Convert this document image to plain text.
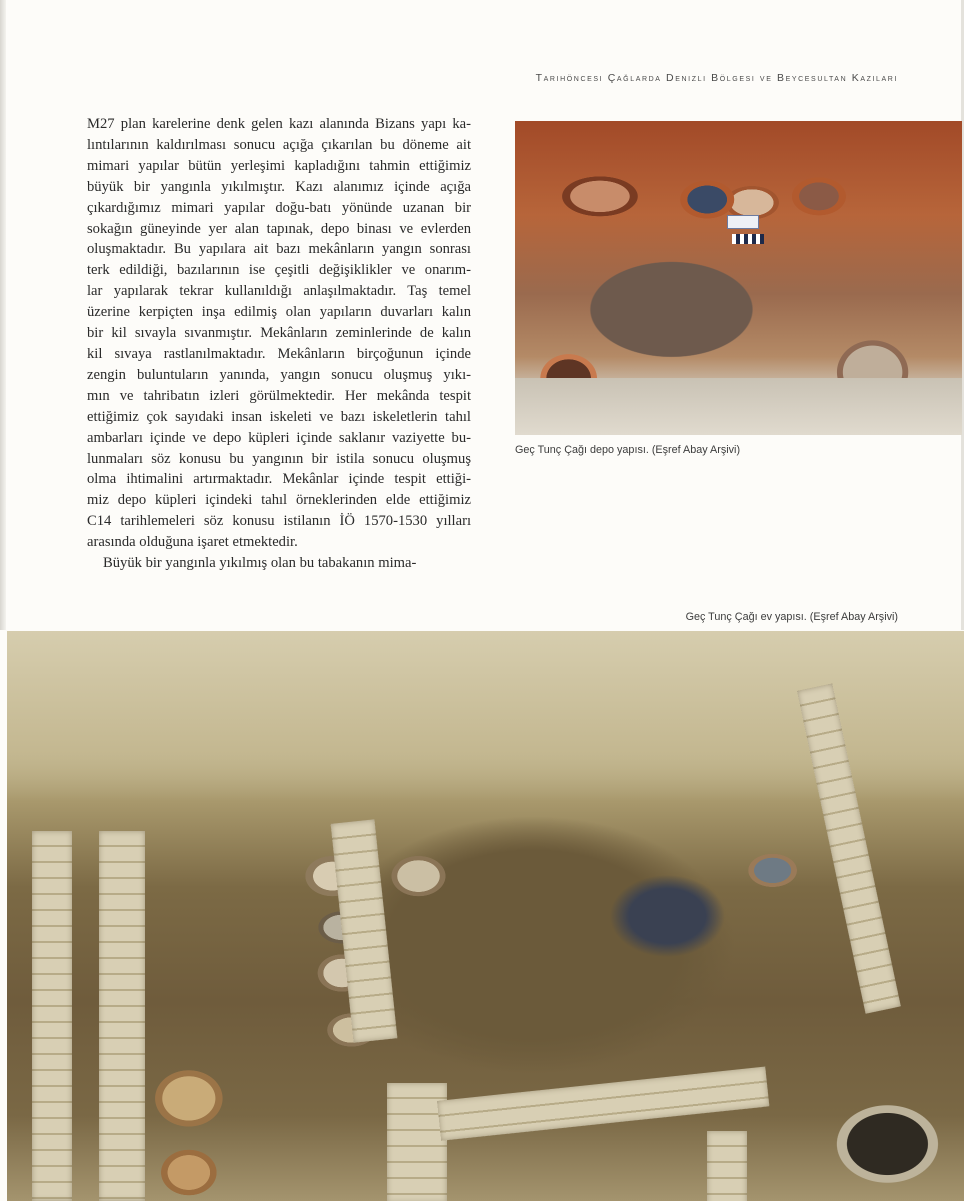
Tarihöncesi Çağlarda Denizli Bölgesi ve Beycesultan Kazıları

M27 plan karelerine denk gelen kazı alanında Bizans yapı ka-
lıntılarının kaldırılması sonucu açığa çıkarılan bu döneme ait
mimari yapılar bütün yerleşimi kapladığını tahmin ettiğimiz
büyük bir yangınla yıkılmıştır. Kazı alanımız içinde açığa
çıkardığımız mimari yapılar doğu-batı yönünde uzanan bir
sokağın güneyinde yer alan tapınak, depo binası ve evlerden
oluşmaktadır. Bu yapılara ait bazı mekânların yangın sonrası
terk edildiği, bazılarının ise çeşitli değişiklikler ve onarım-
lar yapılarak tekrar kullanıldığı anlaşılmaktadır. Taş temel
üzerine kerpiçten inşa edilmiş olan yapıların duvarları kalın
bir kil sıvayla sıvanmıştır. Mekânların zeminlerinde de kalın
kil sıvaya rastlanılmaktadır. Mekânların birçoğunun içinde
zengin buluntuların yanında, yangın sonucu oluşmuş yıkı-
mın ve tahribatın izleri görülmektedir. Her mekânda tespit
ettiğimiz çok sayıdaki insan iskeleti ve bazı iskeletlerin tahıl
ambarları içinde ve depo küpleri içinde saklanır vaziyette bu-
lunmaları söz konusu bu yangının bir istila sonucu oluşmuş
olma ihtimalini artırmaktadır. Mekânlar içinde tespit ettiği-
miz depo küpleri içindeki tahıl örneklerinden elde ettiğimiz
C14 tarihlemeleri söz konusu istilanın İÖ 1570-1530 yılları
arasında olduğuna işaret etmektedir.

Büyük bir yangınla yıkılmış olan bu tabakanın mima-

Geç Tunç Çağı depo yapısı. (Eşref Abay Arşivi)
Geç Tunç Çağı ev yapısı. (Eşref Abay Arşivi)
